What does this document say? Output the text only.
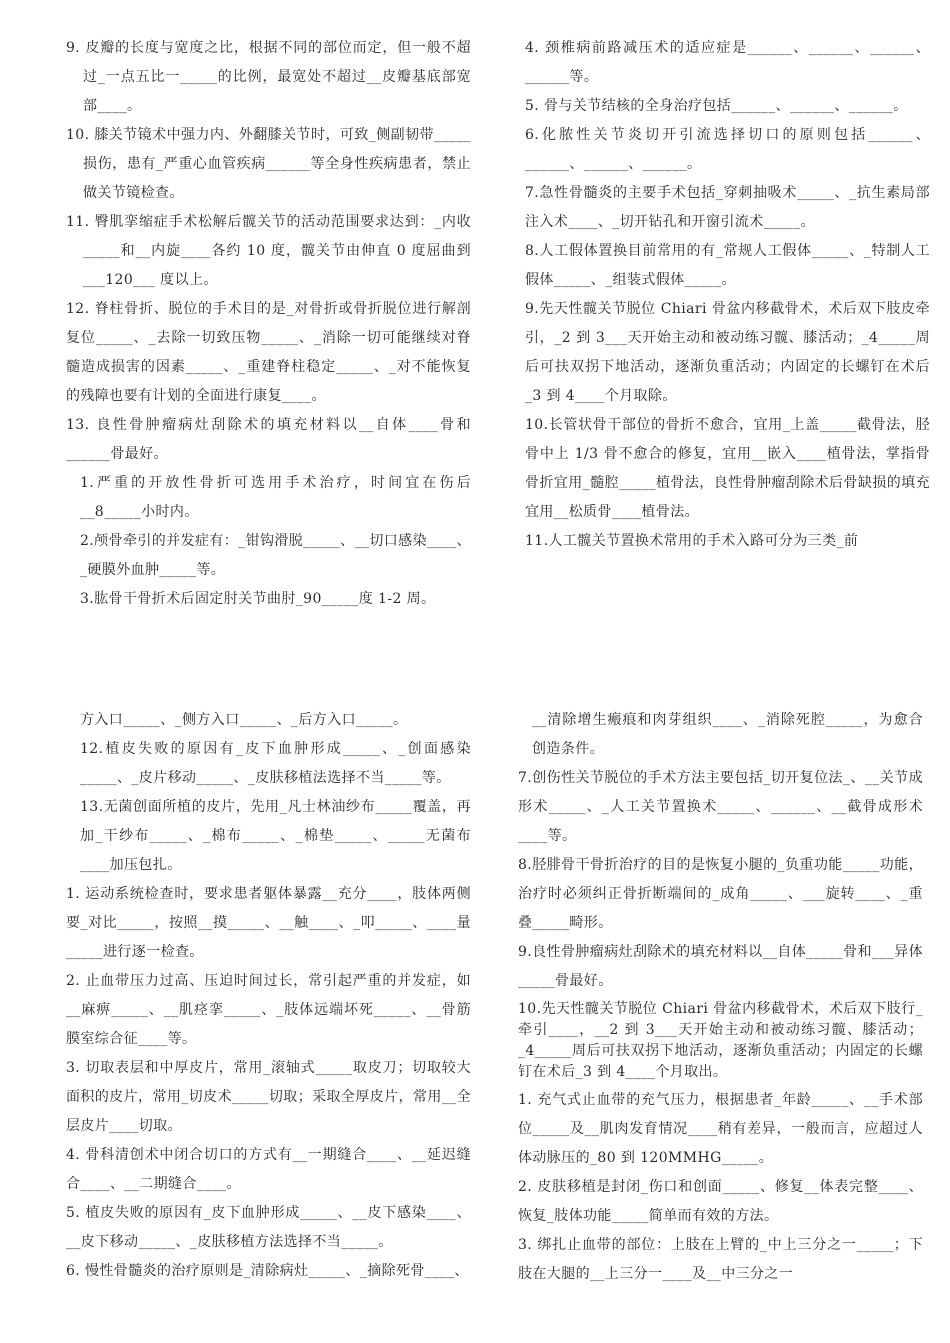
9. 皮瓣的长度与宽度之比，根据不同的部位而定，但一般不超过_一点五比一_____的比例，最宽处不超过__皮瓣基底部宽部____。

10. 膝关节镜术中强力内、外翻膝关节时，可致_侧副韧带_____损伤，患有_严重心血管疾病______等全身性疾病患者，禁止做关节镜检查。

11. 臀肌挛缩症手术松解后髋关节的活动范围要求达到：_内收_____和__内旋____各约 10 度，髋关节由伸直 0 度屈曲到___120___ 度以上。

12. 脊柱骨折、脱位的手术目的是_对骨折或骨折脱位进行解剖复位_____、_去除一切致压物_____、_消除一切可能继续对脊髓造成损害的因素_____、_重建脊柱稳定_____、_对不能恢复的残障也要有计划的全面进行康复____。

13. 良性骨肿瘤病灶刮除术的填充材料以__自体____骨和______骨最好。

1.严重的开放性骨折可选用手术治疗，时间宜在伤后__8_____小时内。

2.颅骨牵引的并发症有：_钳钩滑脱_____、__切口感染____、_硬膜外血肿_____等。

3.肱骨干骨折术后固定肘关节曲肘_90_____度 1-2 周。

4. 颈椎病前路减压术的适应症是______、______、______、______等。

5. 骨与关节结核的全身治疗包括______、______、______。

6.化脓性关节炎切开引流选择切口的原则包括______、______、______、______。

7.急性骨髓炎的主要手术包括_穿刺抽吸术_____、_抗生素局部注入术____、_切开钻孔和开窗引流术_____。

8.人工假体置换目前常用的有_常规人工假体_____、_特制人工假体_____、_组装式假体_____。

9.先天性髋关节脱位 Chiari 骨盆内移截骨术，术后双下肢皮牵引，_2 到 3___天开始主动和被动练习髋、膝活动；_4_____周后可扶双拐下地活动，逐渐负重活动；内固定的长螺钉在术后_3 到 4____个月取除。

10.长管状骨干部位的骨折不愈合，宜用_上盖_____截骨法，胫骨中上 1/3 骨不愈合的修复，宜用__嵌入____植骨法，掌指骨骨折宜用_髓腔_____植骨法，良性骨肿瘤刮除术后骨缺损的填充宜用__松质骨____植骨法。

11.人工髋关节置换术常用的手术入路可分为三类_前

方入口_____、_侧方入口_____、_后方入口_____。

12.植皮失败的原因有_皮下血肿形成_____、_创面感染_____、_皮片移动_____、_皮肤移植法选择不当_____等。

13.无菌创面所植的皮片，先用_凡士林油纱布_____覆盖，再加_干纱布_____、_棉布_____、_棉垫_____、_____无菌布____加压包扎。

1. 运动系统检查时，要求患者躯体暴露__充分____，肢体两侧要_对比_____，按照__摸_____、__触____、_叩_____、____量_____进行逐一检查。

2. 止血带压力过高、压迫时间过长，常引起严重的并发症，如__麻痹_____、__肌痉挛_____、_肢体远端坏死_____、__骨筋膜室综合征____等。

3. 切取表层和中厚皮片，常用_滚轴式_____取皮刀；切取较大面积的皮片，常用_切皮术_____切取；采取全厚皮片，常用__全层皮片____切取。

4. 骨科清创术中闭合切口的方式有__一期缝合____、__延迟缝合____、__二期缝合____。

5. 植皮失败的原因有_皮下血肿形成_____、__皮下感染____、__皮下移动_____、_皮肤移植方法选择不当_____。

6. 慢性骨髓炎的治疗原则是_清除病灶_____、_摘除死骨____、

__清除增生瘢痕和肉芽组织____、_消除死腔_____，为愈合创造条件。

7.创伤性关节脱位的手术方法主要包括_切开复位法_、__关节成形术_____、_人工关节置换术_____、______、__截骨成形术____等。

8.胫腓骨干骨折治疗的目的是恢复小腿的_负重功能_____功能，治疗时必须纠正骨折断端间的_成角_____、___旋转____、_重叠_____畸形。

9.良性骨肿瘤病灶刮除术的填充材料以__自体_____骨和___异体_____骨最好。

10.先天性髋关节脱位 Chiari 骨盆内移截骨术，术后双下肢行_牵引____，__2 到 3___天开始主动和被动练习髋、膝活动；_4_____周后可扶双拐下地活动，逐渐负重活动；内固定的长螺钉在术后_3 到 4____个月取出。

1. 充气式止血带的充气压力，根据患者_年龄_____、__手术部位_____及__肌肉发育情况____稍有差异，一般而言，应超过人体动脉压的_80 到 120MMHG_____。

2. 皮肤移植是封闭_伤口和创面_____、修复__体表完整____、恢复_肢体功能_____简单而有效的方法。

3. 绑扎止血带的部位：上肢在上臂的_中上三分之一_____；下肢在大腿的__上三分一____及__中三分之一
